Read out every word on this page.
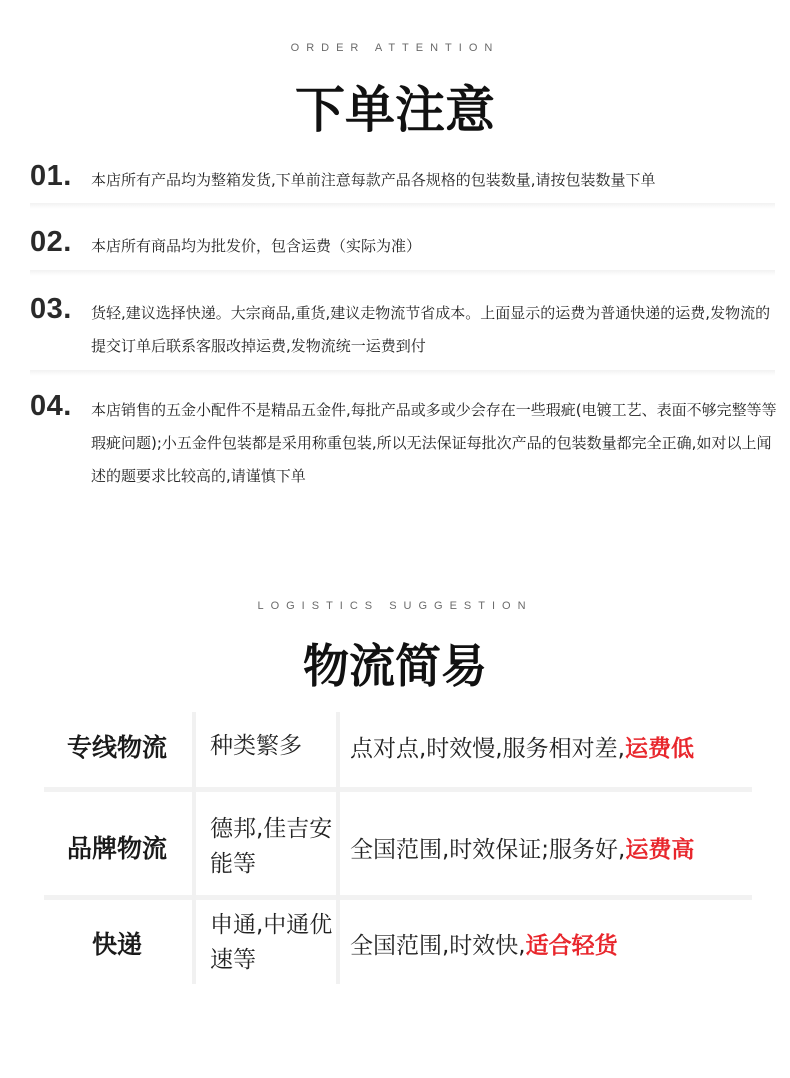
ORDER ATTENTION
下单注意
01. 本店所有产品均为整箱发货,下单前注意每款产品各规格的包装数量,请按包装数量下单
02. 本店所有商品均为批发价，包含运费（实际为准）
03. 货轻,建议选择快递。大宗商品,重货,建议走物流节省成本。上面显示的运费为普通快递的运费,发物流的提交订单后联系客服改掉运费,发物流统一运费到付
04. 本店销售的五金小配件不是精品五金件,每批产品或多或少会存在一些瑕疵(电镀工艺、表面不够完整等等瑕疵问题);小五金件包装都是采用称重包装,所以无法保证每批次产品的包装数量都完全正确,如对以上闻述的题要求比较高的,请谨慎下单
LOGISTICS SUGGESTION
物流简易
专线物流	种类繁多	点对点,时效慢,服务相对差, 运费低
品牌物流
德邦,佳吉安能等
全国范围,时效保证;服务好, 运费高
快递
申通,中通优速等
全国范围,时效快, 适合轻货
